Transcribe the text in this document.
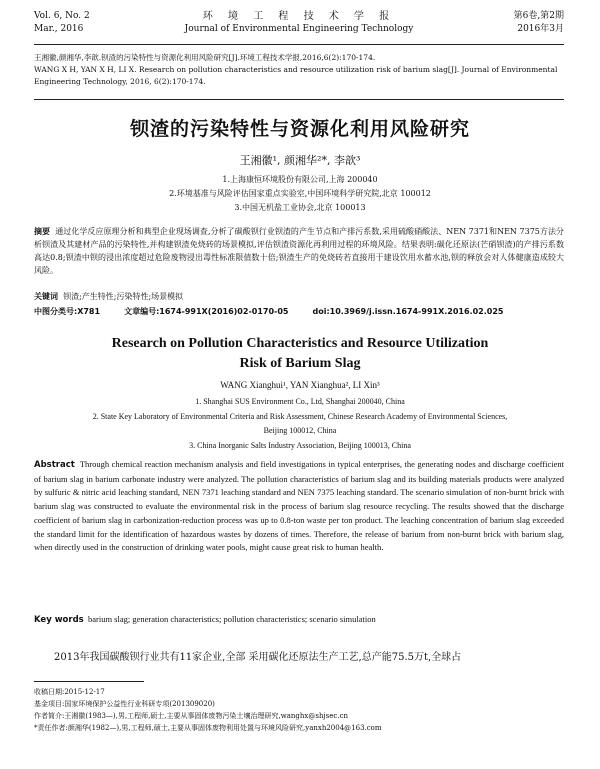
Vol. 6, No. 2
Mar., 2016
环 境 工 程 技 术 学 报
Journal of Environmental Engineering Technology
第6卷,第2期
2016年3月
王湘徽,颜湘华,李歆.钡渣的污染特性与资源化利用风险研究[J].环境工程技术学报,2016,6(2):170-174.
WANG X H, YAN X H, LI X. Research on pollution characteristics and resource utilization risk of barium slag[J]. Journal of Environmental Engineering Technology, 2016, 6(2):170-174.
钡渣的污染特性与资源化利用风险研究
王湘徽¹, 颜湘华²*, 李歆³
1.上海康恒环境股份有限公司,上海 200040
2.环境基准与风险评估国家重点实验室,中国环境科学研究院,北京 100012
3.中国无机盐工业协会,北京 100013
摘要 通过化学反应原理分析和典型企业现场调查,分析了碳酸钡行业钡渣的产生节点和产排污系数,采用硫酸硝酸法、NEN 7371和NEN 7375方法分析钡渣及其建材产品的污染特性,并构建钡渣免烧砖的场景模拟,评估钡渣资源化再利用过程的环境风险。结果表明:碳化还原法(芒硝钡渣)的产排污系数高达0.8;钡渣中钡的浸出浓度超过危险废物浸出毒性标准限值数十倍;钡渣生产的免烧砖若直接用于建设饮用水蓄水池,钡的释放会对人体健康造成较大风险。
关键词 钡渣;产生特性;污染特性;场景模拟
中图分类号:X781	文章编号:1674-991X(2016)02-0170-05	doi:10.3969/j.issn.1674-991X.2016.02.025
Research on Pollution Characteristics and Resource Utilization
Risk of Barium Slag
WANG Xianghui¹, YAN Xianghua², LI Xin³
1. Shanghai SUS Environment Co., Ltd, Shanghai 200040, China
2. State Key Laboratory of Environmental Criteria and Risk Assessment, Chinese Research Academy of Environmental Sciences,
Beijing 100012, China
3. China Inorganic Salts Industry Association, Beijing 100013, China
Abstract Through chemical reaction mechanism analysis and field investigations in typical enterprises, the generating nodes and discharge coefficient of barium slag in barium carbonate industry were analyzed. The pollution characteristics of barium slag and its building materials products were analyzed by sulfuric & nitric acid leaching standard, NEN 7371 leaching standard and NEN 7375 leaching standard. The scenario simulation of non-burnt brick with barium slag was constructed to evaluate the environmental risk in the process of barium slag resource recycling. The results showed that the discharge coefficient of barium slag in carbonization-reduction process was up to 0.8-ton waste per ton product. The leaching concentration of barium slag exceeded the standard limit for the identification of hazardous wastes by dozens of times. Therefore, the release of barium from non-burnt brick with barium slag, when directly used in the construction of drinking water pools, might cause great risk to human health.
Key words barium slag; generation characteristics; pollution characteristics; scenario simulation
2013年我国碳酸钡行业共有11家企业,全部 采用碳化还原法生产工艺,总产能75.5万t,全球占
收稿日期:2015-12-17
基金项目:国家环境保护公益性行业科研专项(201309020)
作者简介:王湘徽(1983—),男,工程师,硕士,主要从事固体废物污染土壤治理研究,wanghx@shjsec.cn
*责任作者:颜湘华(1982—),男,工程师,硕士,主要从事固体废物利用处置与环境风险研究,yanxh2004@163.com
